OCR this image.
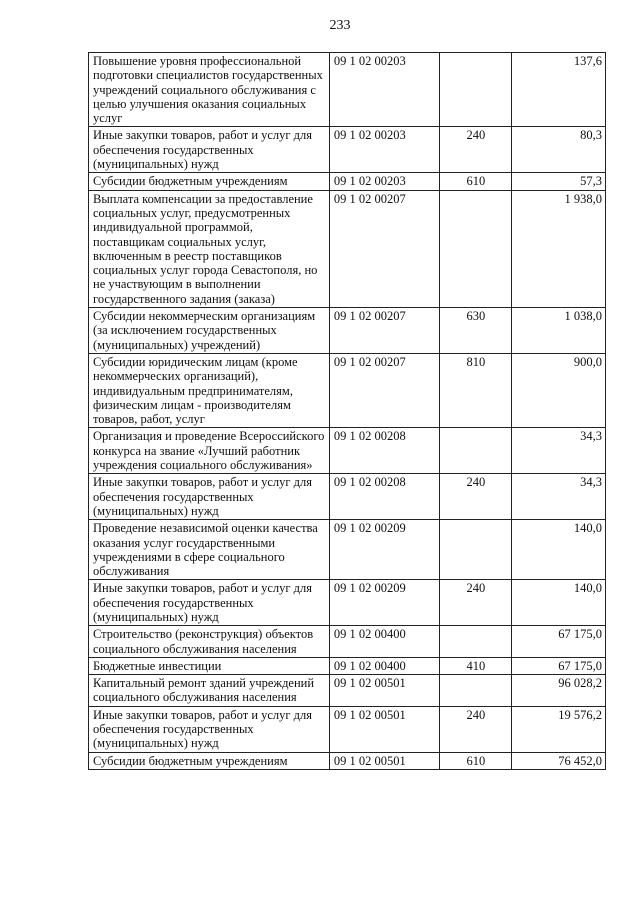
233
Повышение уровня профессиональной подготовки специалистов государственных учреждений социального обслуживания с целью улучшения оказания социальных услуг	09 1 02 00203		137,6
Иные закупки товаров, работ и услуг для обеспечения государственных (муниципальных) нужд	09 1 02 00203	240	80,3
Субсидии бюджетным учреждениям	09 1 02 00203	610	57,3
Выплата компенсации за предоставление социальных услуг, предусмотренных индивидуальной программой, поставщикам социальных услуг, включенным в реестр поставщиков социальных услуг города Севастополя, но не участвующим в выполнении государственного задания (заказа)	09 1 02 00207		1 938,0
Субсидии некоммерческим организациям (за исключением государственных (муниципальных) учреждений)	09 1 02 00207	630	1 038,0
Субсидии юридическим лицам (кроме некоммерческих организаций), индивидуальным предпринимателям, физическим лицам - производителям товаров, работ, услуг	09 1 02 00207	810	900,0
Организация и проведение Всероссийского конкурса на звание «Лучший работник учреждения социального обслуживания»	09 1 02 00208		34,3
Иные закупки товаров, работ и услуг для обеспечения государственных (муниципальных) нужд	09 1 02 00208	240	34,3
Проведение независимой оценки качества оказания услуг государственными учреждениями в сфере социального обслуживания	09 1 02 00209		140,0
Иные закупки товаров, работ и услуг для обеспечения государственных (муниципальных) нужд	09 1 02 00209	240	140,0
Строительство (реконструкция) объектов социального обслуживания населения	09 1 02 00400		67 175,0
Бюджетные инвестиции	09 1 02 00400	410	67 175,0
Капитальный ремонт зданий учреждений социального обслуживания населения	09 1 02 00501		96 028,2
Иные закупки товаров, работ и услуг для обеспечения государственных (муниципальных) нужд	09 1 02 00501	240	19 576,2
Субсидии бюджетным учреждениям	09 1 02 00501	610	76 452,0
